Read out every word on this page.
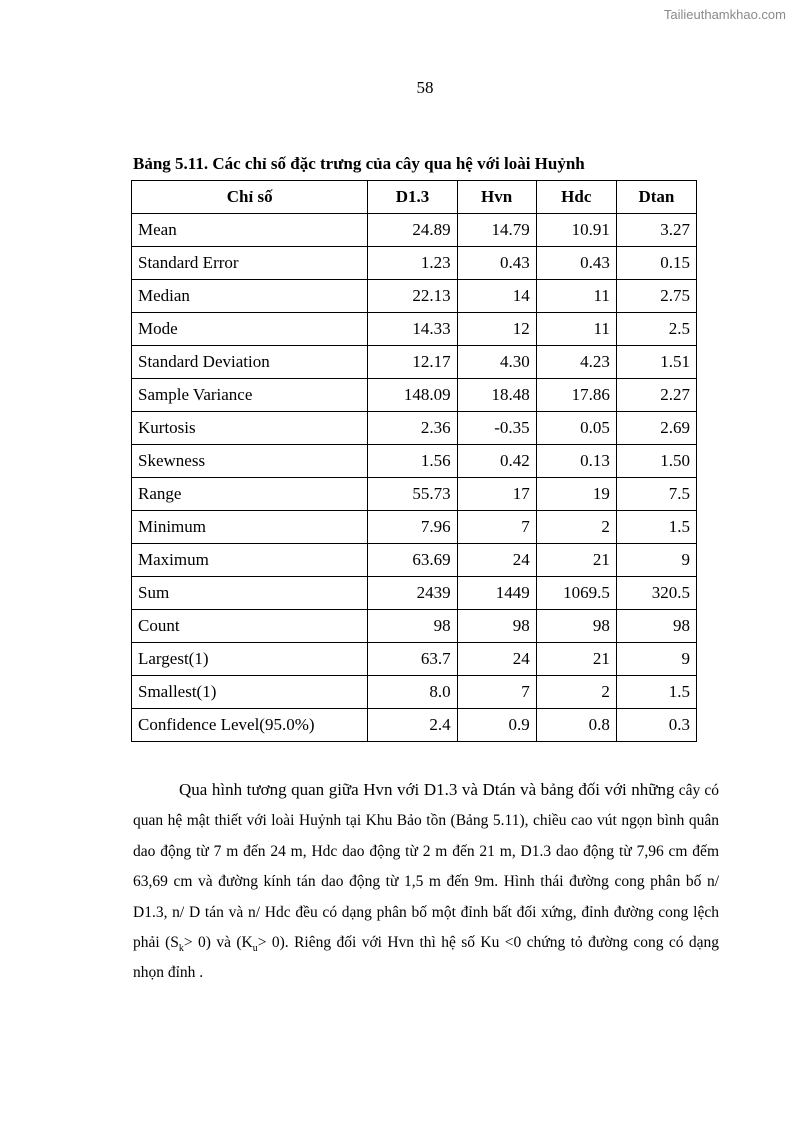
Tailieuthamkhao.com
58
Bảng 5.11. Các chỉ số đặc trưng của cây qua hệ với loài Huỷnh
Chỉ số	D1.3	Hvn	Hdc	Dtan
Mean	24.89	14.79	10.91	3.27
Standard Error	1.23	0.43	0.43	0.15
Median	22.13	14	11	2.75
Mode	14.33	12	11	2.5
Standard Deviation	12.17	4.30	4.23	1.51
Sample Variance	148.09	18.48	17.86	2.27
Kurtosis	2.36	-0.35	0.05	2.69
Skewness	1.56	0.42	0.13	1.50
Range	55.73	17	19	7.5
Minimum	7.96	7	2	1.5
Maximum	63.69	24	21	9
Sum	2439	1449	1069.5	320.5
Count	98	98	98	98
Largest(1)	63.7	24	21	9
Smallest(1)	8.0	7	2	1.5
Confidence Level(95.0%)	2.4	0.9	0.8	0.3
Qua hình tương quan giữa Hvn với D1.3 và Dtán và bảng đối với những cây có quan hệ mật thiết với loài Huỷnh tại Khu Bảo tồn (Bảng 5.11), chiều cao vút ngọn bình quân dao động từ 7 m đến 24 m, Hdc dao động từ 2 m đến 21 m, D1.3 dao động từ 7,96 cm đếm 63,69 cm và đường kính tán dao động từ 1,5 m đến 9m. Hình thái đường cong phân bố n/ D1.3, n/ D tán và n/ Hdc đều có dạng phân bố một đỉnh bất đối xứng, đỉnh đường cong lệch phải $(S_k> 0)$ và $(K_u> 0)$. Riêng đối với Hvn thì hệ số Ku <0 chứng tỏ đường cong có dạng nhọn đỉnh .
